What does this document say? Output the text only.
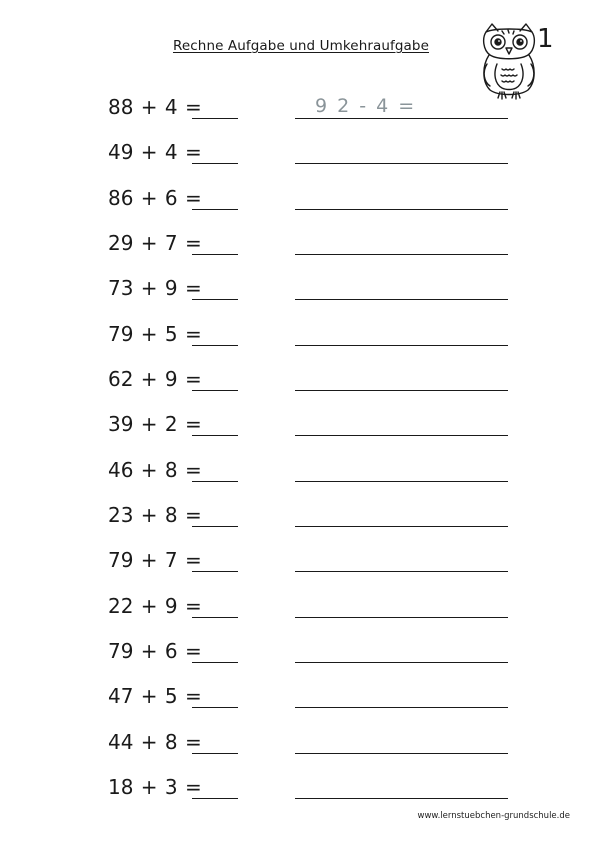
Rechne Aufgabe und Umkehraufgabe	1
88 + 4 =	9 2 - 4 =
49 + 4 =
86 + 6 =
29 + 7 =
73 + 9 =
79 + 5 =
62 + 9 =
39 + 2 =
46 + 8 =
23 + 8 =
79 + 7 =
22 + 9 =
79 + 6 =
47 + 5 =
44 + 8 =
18 + 3 =
www.lernstuebchen-grundschule.de
